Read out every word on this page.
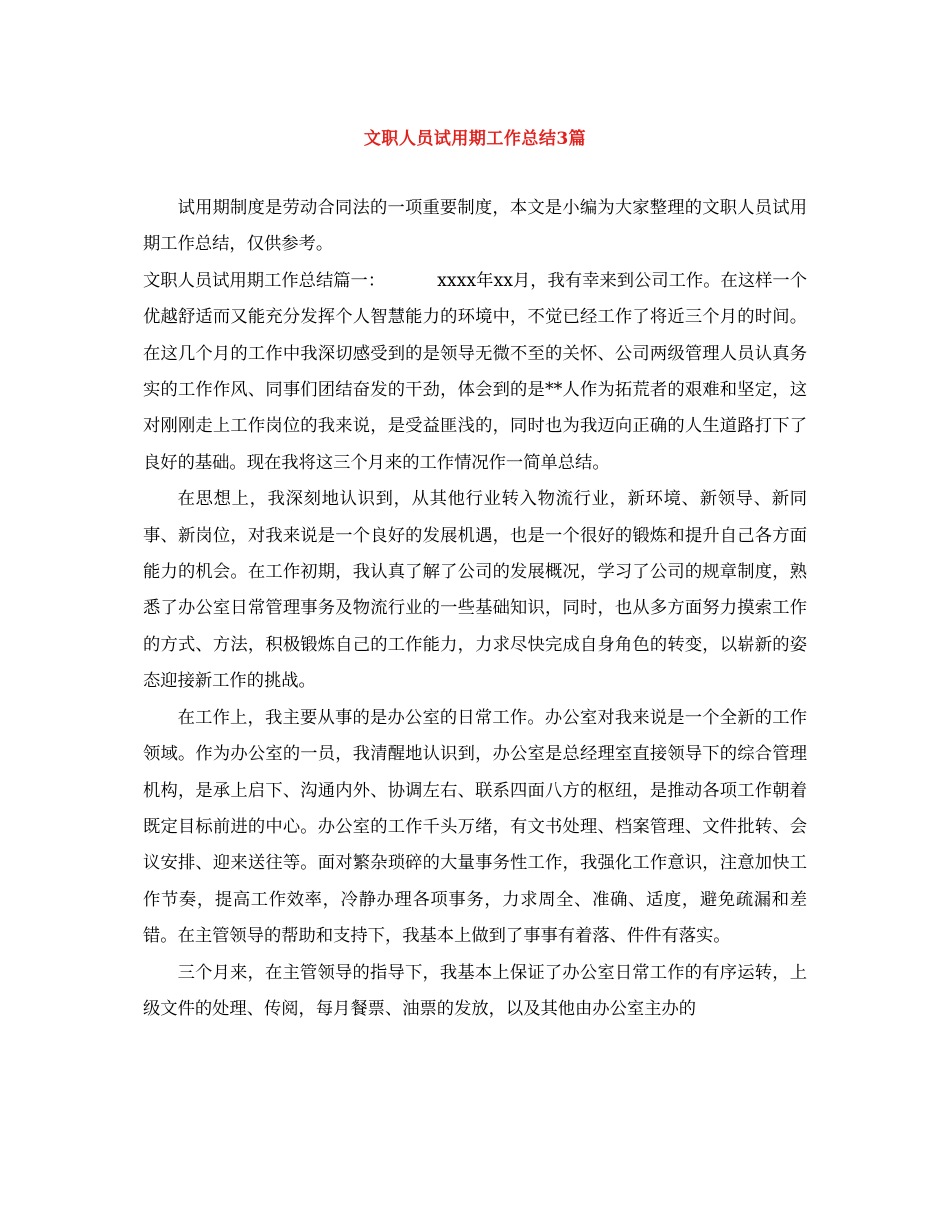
文职人员试用期工作总结3篇

试用期制度是劳动合同法的一项重要制度，本文是小编为大家整理的文职人员试用期工作总结，仅供参考。

文职人员试用期工作总结篇一：	xxxx年xx月，我有幸来到公司工作。在这样一个优越舒适而又能充分发挥个人智慧能力的环境中，不觉已经工作了将近三个月的时间。在这几个月的工作中我深切感受到的是领导无微不至的关怀、公司两级管理人员认真务实的工作作风、同事们团结奋发的干劲，体会到的是**人作为拓荒者的艰难和坚定，这对刚刚走上工作岗位的我来说，是受益匪浅的，同时也为我迈向正确的人生道路打下了良好的基础。现在我将这三个月来的工作情况作一简单总结。

在思想上，我深刻地认识到，从其他行业转入物流行业，新环境、新领导、新同事、新岗位，对我来说是一个良好的发展机遇，也是一个很好的锻炼和提升自己各方面能力的机会。在工作初期，我认真了解了公司的发展概况，学习了公司的规章制度，熟悉了办公室日常管理事务及物流行业的一些基础知识，同时，也从多方面努力摸索工作的方式、方法，积极锻炼自己的工作能力，力求尽快完成自身角色的转变，以崭新的姿态迎接新工作的挑战。

在工作上，我主要从事的是办公室的日常工作。办公室对我来说是一个全新的工作领域。作为办公室的一员，我清醒地认识到，办公室是总经理室直接领导下的综合管理机构，是承上启下、沟通内外、协调左右、联系四面八方的枢纽，是推动各项工作朝着既定目标前进的中心。办公室的工作千头万绪，有文书处理、档案管理、文件批转、会议安排、迎来送往等。面对繁杂琐碎的大量事务性工作，我强化工作意识，注意加快工作节奏，提高工作效率，冷静办理各项事务，力求周全、准确、适度，避免疏漏和差错。在主管领导的帮助和支持下，我基本上做到了事事有着落、件件有落实。

三个月来，在主管领导的指导下，我基本上保证了办公室日常工作的有序运转，上级文件的处理、传阅，每月餐票、油票的发放，以及其他由办公室主办的
